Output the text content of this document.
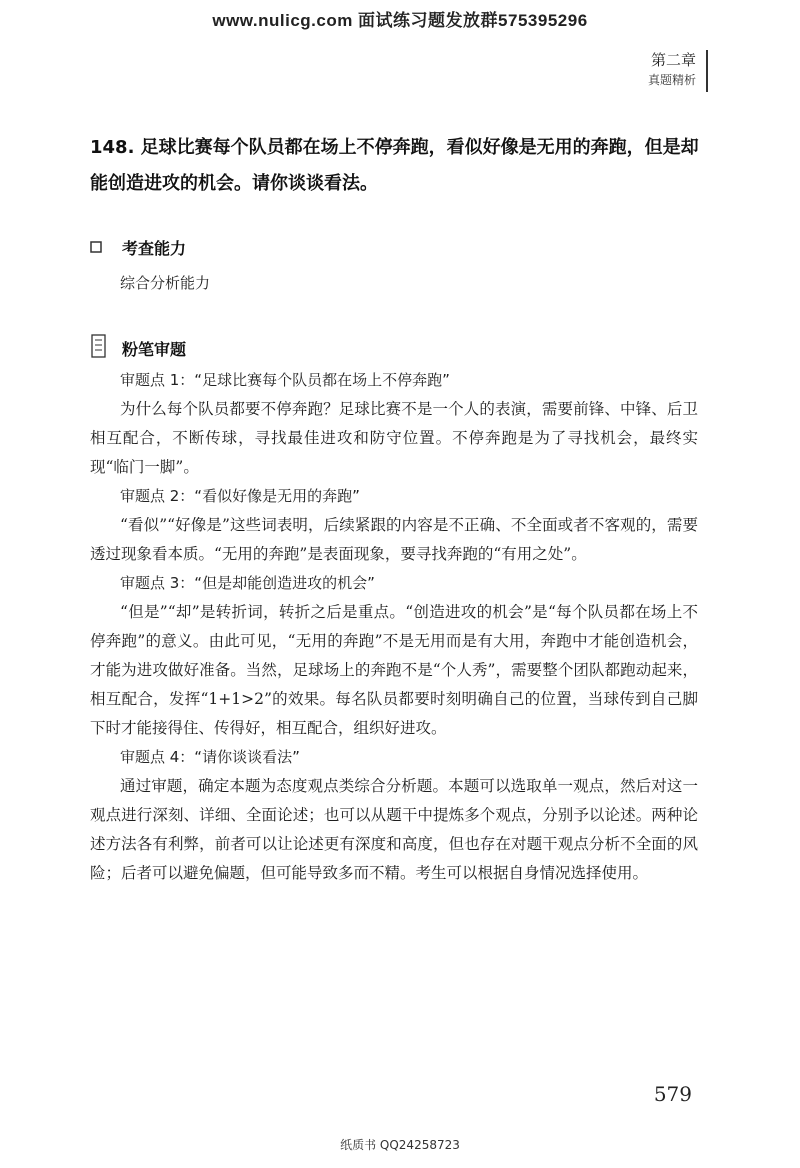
www.nulicg.com 面试练习题发放群575395296
第二章
真题精析
148. 足球比赛每个队员都在场上不停奔跑，看似好像是无用的奔跑，但是却能创造进攻的机会。请你谈谈看法。
考查能力
综合分析能力
粉笔审题

审题点 1：“足球比赛每个队员都在场上不停奔跑”

为什么每个队员都要不停奔跑？足球比赛不是一个人的表演，需要前锋、中锋、后卫相互配合，不断传球，寻找最佳进攻和防守位置。不停奔跑是为了寻找机会，最终实现“临门一脚”。

审题点 2：“看似好像是无用的奔跑”

“看似”“好像是”这些词表明，后续紧跟的内容是不正确、不全面或者不客观的，需要透过现象看本质。“无用的奔跑”是表面现象，要寻找奔跑的“有用之处”。

审题点 3：“但是却能创造进攻的机会”

“但是”“却”是转折词，转折之后是重点。“创造进攻的机会”是“每个队员都在场上不停奔跑”的意义。由此可见，“无用的奔跑”不是无用而是有大用，奔跑中才能创造机会，才能为进攻做好准备。当然，足球场上的奔跑不是“个人秀”，需要整个团队都跑动起来，相互配合，发挥“1+1>2”的效果。每名队员都要时刻明确自己的位置，当球传到自己脚下时才能接得住、传得好，相互配合，组织好进攻。

审题点 4：“请你谈谈看法”

通过审题，确定本题为态度观点类综合分析题。本题可以选取单一观点，然后对这一观点进行深刻、详细、全面论述；也可以从题干中提炼多个观点，分别予以论述。两种论述方法各有利弊，前者可以让论述更有深度和高度，但也存在对题干观点分析不全面的风险；后者可以避免偏题，但可能导致多而不精。考生可以根据自身情况选择使用。

579
纸质书 QQ24258723
